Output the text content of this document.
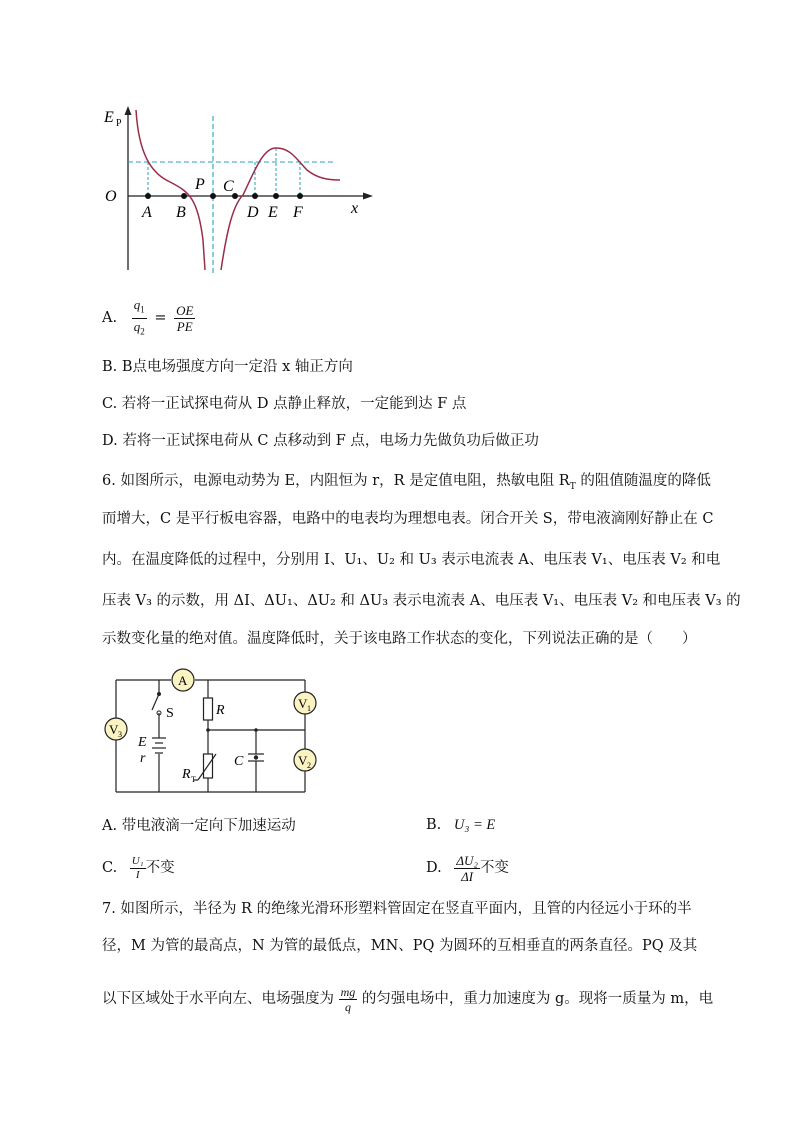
E P
O
x
A B
P C
D E F
A. $\frac{q_1}{q_2} = \frac{OE}{PE}$
B. B点电场强度方向一定沿 x 轴正方向
C. 若将一正试探电荷从 D 点静止释放，一定能到达 F 点
D. 若将一正试探电荷从 C 点移动到 F 点，电场力先做负功后做正功
6. 如图所示，电源电动势为 E，内阻恒为 r，R 是定值电阻，热敏电阻 $R_T$ 的阻值随温度的降低
而增大，C 是平行板电容器，电路中的电表均为理想电表。闭合开关 S，带电液滴刚好静止在 C
内。在温度降低的过程中，分别用 I、U₁、U₂ 和 U₃ 表示电流表 A、电压表 V₁、电压表 V₂ 和电
压表 V₃ 的示数，用 ΔI、ΔU₁、ΔU₂ 和 ΔU₃ 表示电流表 A、电压表 V₁、电压表 V₂ 和电压表 V₃ 的
示数变化量的绝对值。温度降低时，关于该电路工作状态的变化，下列说法正确的是（　　）
A
V 1
V 2
V 3
S	R
R T
C
E
r
A. 带电液滴一定向下加速运动	B. U₃ = E
C. $\frac{\text{U₁}}{I}$ 不变	D. $\frac{\text{ΔU₂}}{\Delta I}$ 不变
7. 如图所示，半径为 R 的绝缘光滑环形塑料管固定在竖直平面内，且管的内径远小于环的半
径，M 为管的最高点，N 为管的最低点，MN、PQ 为圆环的互相垂直的两条直径。PQ 及其
以下区域处于水平向左、电场强度为 $\frac{mg}{q}$ 的匀强电场中，重力加速度为 g。现将一质量为 m，电
